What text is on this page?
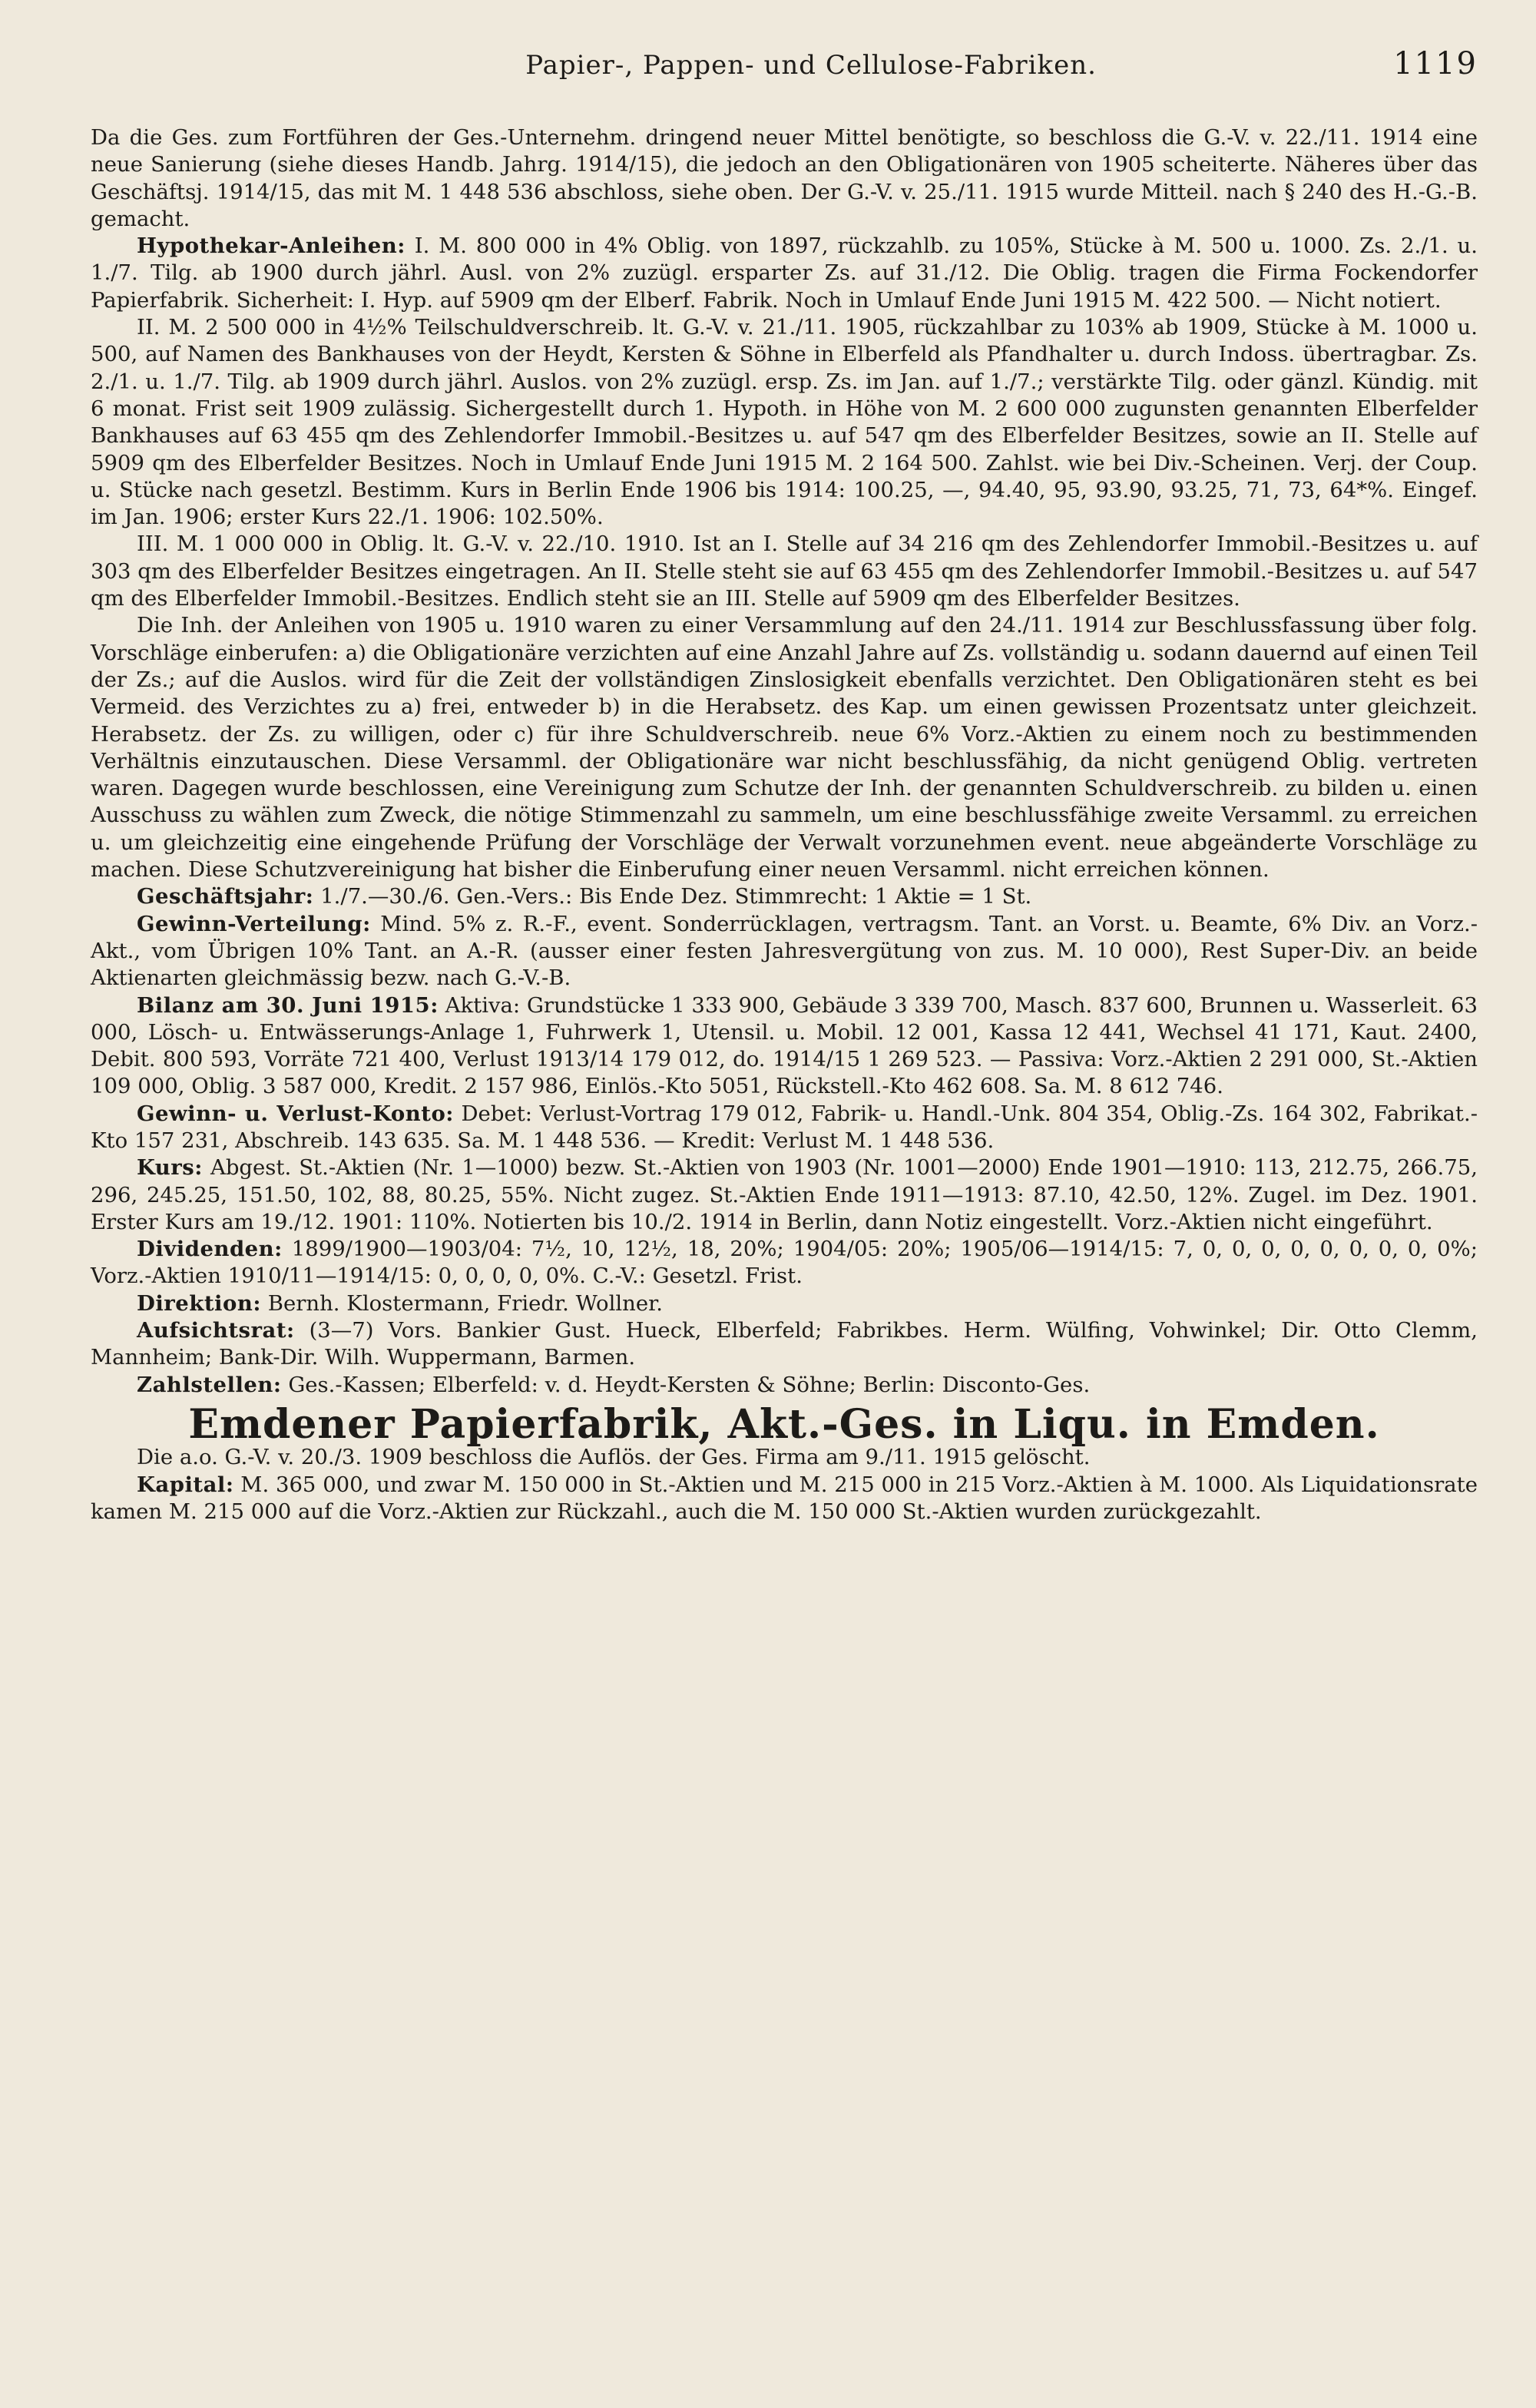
Papier-, Pappen- und Cellulose-Fabriken.	1119

Da die Ges. zum Fortführen der Ges.-Unternehm. dringend neuer Mittel benötigte, so beschloss die G.-V. v. 22./11. 1914 eine neue Sanierung (siehe dieses Handb. Jahrg. 1914/15), die jedoch an den Obligationären von 1905 scheiterte. Näheres über das Geschäftsj. 1914/15, das mit M. 1 448 536 abschloss, siehe oben. Der G.-V. v. 25./11. 1915 wurde Mitteil. nach § 240 des H.-G.-B. gemacht.

Hypothekar-Anleihen: I. M. 800 000 in 4% Oblig. von 1897, rückzahlb. zu 105%, Stücke à M. 500 u. 1000. Zs. 2./1. u. 1./7. Tilg. ab 1900 durch jährl. Ausl. von 2% zuzügl. ersparter Zs. auf 31./12. Die Oblig. tragen die Firma Fockendorfer Papierfabrik. Sicherheit: I. Hyp. auf 5909 qm der Elberf. Fabrik. Noch in Umlauf Ende Juni 1915 M. 422 500. — Nicht notiert.

II. M. 2 500 000 in 4½% Teilschuldverschreib. lt. G.-V. v. 21./11. 1905, rückzahlbar zu 103% ab 1909, Stücke à M. 1000 u. 500, auf Namen des Bankhauses von der Heydt, Kersten & Söhne in Elberfeld als Pfandhalter u. durch Indoss. übertragbar. Zs. 2./1. u. 1./7. Tilg. ab 1909 durch jährl. Auslos. von 2% zuzügl. ersp. Zs. im Jan. auf 1./7.; verstärkte Tilg. oder gänzl. Kündig. mit 6 monat. Frist seit 1909 zulässig. Sichergestellt durch 1. Hypoth. in Höhe von M. 2 600 000 zugunsten genannten Elberfelder Bankhauses auf 63 455 qm des Zehlendorfer Immobil.-Besitzes u. auf 547 qm des Elberfelder Besitzes, sowie an II. Stelle auf 5909 qm des Elberfelder Besitzes. Noch in Umlauf Ende Juni 1915 M. 2 164 500. Zahlst. wie bei Div.-Scheinen. Verj. der Coup. u. Stücke nach gesetzl. Bestimm. Kurs in Berlin Ende 1906 bis 1914: 100.25, —, 94.40, 95, 93.90, 93.25, 71, 73, 64*%. Eingef. im Jan. 1906; erster Kurs 22./1. 1906: 102.50%.

III. M. 1 000 000 in Oblig. lt. G.-V. v. 22./10. 1910. Ist an I. Stelle auf 34 216 qm des Zehlendorfer Immobil.-Besitzes u. auf 303 qm des Elberfelder Besitzes eingetragen. An II. Stelle steht sie auf 63 455 qm des Zehlendorfer Immobil.-Besitzes u. auf 547 qm des Elberfelder Immobil.-Besitzes. Endlich steht sie an III. Stelle auf 5909 qm des Elberfelder Besitzes.

Die Inh. der Anleihen von 1905 u. 1910 waren zu einer Versammlung auf den 24./11. 1914 zur Beschlussfassung über folg. Vorschläge einberufen: a) die Obligationäre verzichten auf eine Anzahl Jahre auf Zs. vollständig u. sodann dauernd auf einen Teil der Zs.; auf die Auslos. wird für die Zeit der vollständigen Zinslosigkeit ebenfalls verzichtet. Den Obligationären steht es bei Vermeid. des Verzichtes zu a) frei, entweder b) in die Herabsetz. des Kap. um einen gewissen Prozentsatz unter gleichzeit. Herabsetz. der Zs. zu willigen, oder c) für ihre Schuldverschreib. neue 6% Vorz.-Aktien zu einem noch zu bestimmenden Verhältnis einzutauschen. Diese Versamml. der Obligationäre war nicht beschlussfähig, da nicht genügend Oblig. vertreten waren. Dagegen wurde beschlossen, eine Vereinigung zum Schutze der Inh. der genannten Schuldverschreib. zu bilden u. einen Ausschuss zu wählen zum Zweck, die nötige Stimmenzahl zu sammeln, um eine beschlussfähige zweite Versamml. zu erreichen u. um gleichzeitig eine eingehende Prüfung der Vorschläge der Verwalt vorzunehmen event. neue abgeänderte Vorschläge zu machen. Diese Schutzvereinigung hat bisher die Einberufung einer neuen Versamml. nicht erreichen können.

Geschäftsjahr: 1./7.—30./6. Gen.-Vers.: Bis Ende Dez. Stimmrecht: 1 Aktie = 1 St.

Gewinn-Verteilung: Mind. 5% z. R.-F., event. Sonderrücklagen, vertragsm. Tant. an Vorst. u. Beamte, 6% Div. an Vorz.-Akt., vom Übrigen 10% Tant. an A.-R. (ausser einer festen Jahresvergütung von zus. M. 10 000), Rest Super-Div. an beide Aktienarten gleichmässig bezw. nach G.-V.-B.

Bilanz am 30. Juni 1915: Aktiva: Grundstücke 1 333 900, Gebäude 3 339 700, Masch. 837 600, Brunnen u. Wasserleit. 63 000, Lösch- u. Entwässerungs-Anlage 1, Fuhrwerk 1, Utensil. u. Mobil. 12 001, Kassa 12 441, Wechsel 41 171, Kaut. 2400, Debit. 800 593, Vorräte 721 400, Verlust 1913/14 179 012, do. 1914/15 1 269 523. — Passiva: Vorz.-Aktien 2 291 000, St.-Aktien 109 000, Oblig. 3 587 000, Kredit. 2 157 986, Einlös.-Kto 5051, Rückstell.-Kto 462 608. Sa. M. 8 612 746.

Gewinn- u. Verlust-Konto: Debet: Verlust-Vortrag 179 012, Fabrik- u. Handl.-Unk. 804 354, Oblig.-Zs. 164 302, Fabrikat.-Kto 157 231, Abschreib. 143 635. Sa. M. 1 448 536. — Kredit: Verlust M. 1 448 536.

Kurs: Abgest. St.-Aktien (Nr. 1—1000) bezw. St.-Aktien von 1903 (Nr. 1001—2000) Ende 1901—1910: 113, 212.75, 266.75, 296, 245.25, 151.50, 102, 88, 80.25, 55%. Nicht zugez. St.-Aktien Ende 1911—1913: 87.10, 42.50, 12%. Zugel. im Dez. 1901. Erster Kurs am 19./12. 1901: 110%. Notierten bis 10./2. 1914 in Berlin, dann Notiz eingestellt. Vorz.-Aktien nicht eingeführt.

Dividenden: 1899/1900—1903/04: 7½, 10, 12½, 18, 20%; 1904/05: 20%; 1905/06—1914/15: 7, 0, 0, 0, 0, 0, 0, 0, 0, 0%; Vorz.-Aktien 1910/11—1914/15: 0, 0, 0, 0, 0%. C.-V.: Gesetzl. Frist.

Direktion: Bernh. Klostermann, Friedr. Wollner.

Aufsichtsrat: (3—7) Vors. Bankier Gust. Hueck, Elberfeld; Fabrikbes. Herm. Wülfing, Vohwinkel; Dir. Otto Clemm, Mannheim; Bank-Dir. Wilh. Wuppermann, Barmen.

Zahlstellen: Ges.-Kassen; Elberfeld: v. d. Heydt-Kersten & Söhne; Berlin: Disconto-Ges.

Emdener Papierfabrik, Akt.-Ges. in Liqu. in Emden.

Die a.o. G.-V. v. 20./3. 1909 beschloss die Auflös. der Ges. Firma am 9./11. 1915 gelöscht.

Kapital: M. 365 000, und zwar M. 150 000 in St.-Aktien und M. 215 000 in 215 Vorz.-Aktien à M. 1000. Als Liquidationsrate kamen M. 215 000 auf die Vorz.-Aktien zur Rückzahl., auch die M. 150 000 St.-Aktien wurden zurückgezahlt.
